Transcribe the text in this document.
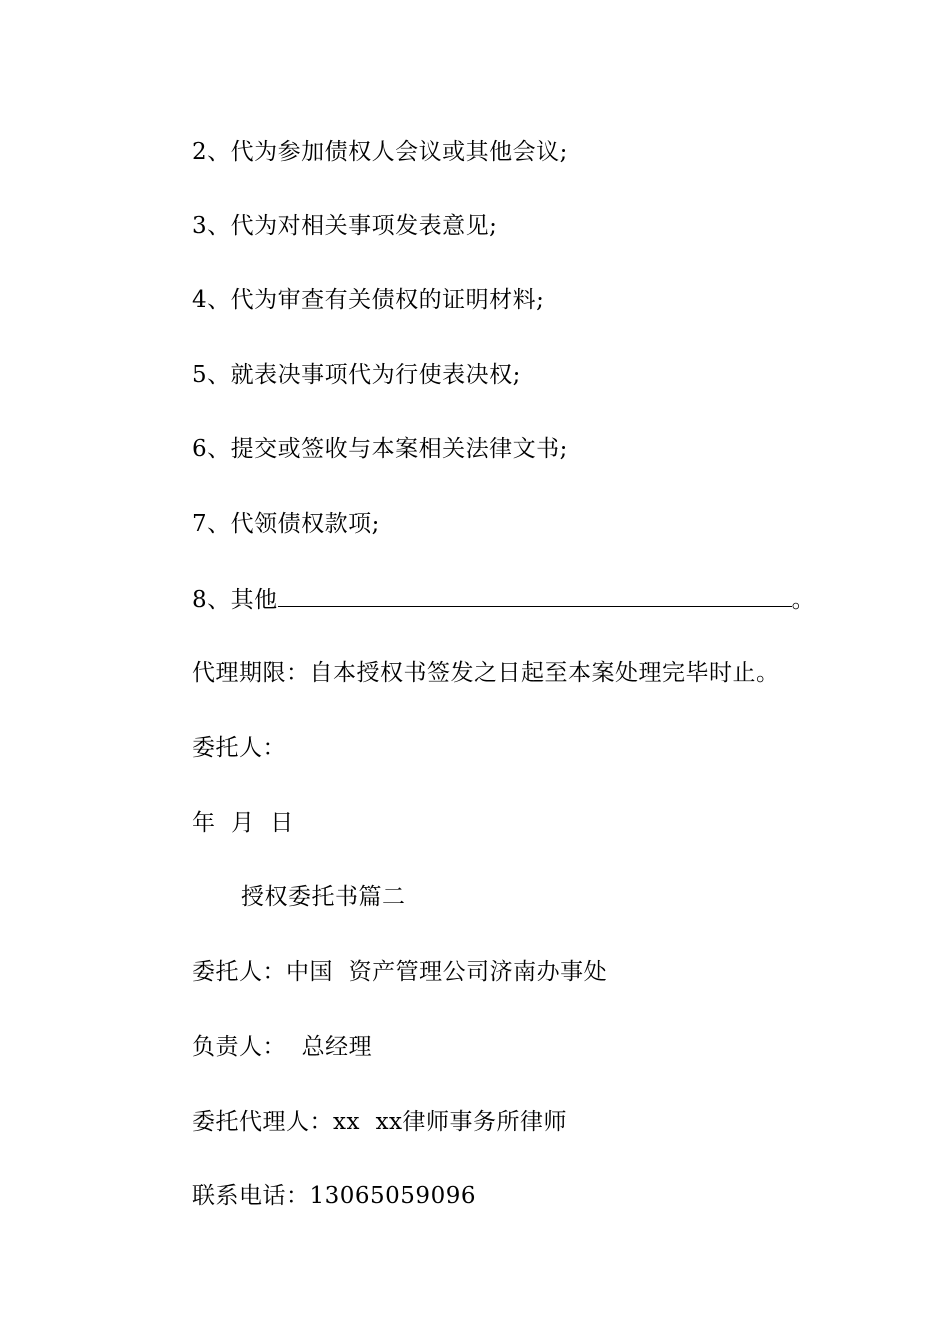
2、代为参加债权人会议或其他会议;
3、代为对相关事项发表意见;
4、代为审查有关债权的证明材料;
5、就表决事项代为行使表决权;
6、提交或签收与本案相关法律文书;
7、代领债权款项;
8、其他	。
代理期限：自本授权书签发之日起至本案处理完毕时止。
委托人：
年  月  日
授权委托书篇二
委托人：中国  资产管理公司济南办事处
负责人：  总经理
委托代理人：xx  xx律师事务所律师
联系电话：13065059096
